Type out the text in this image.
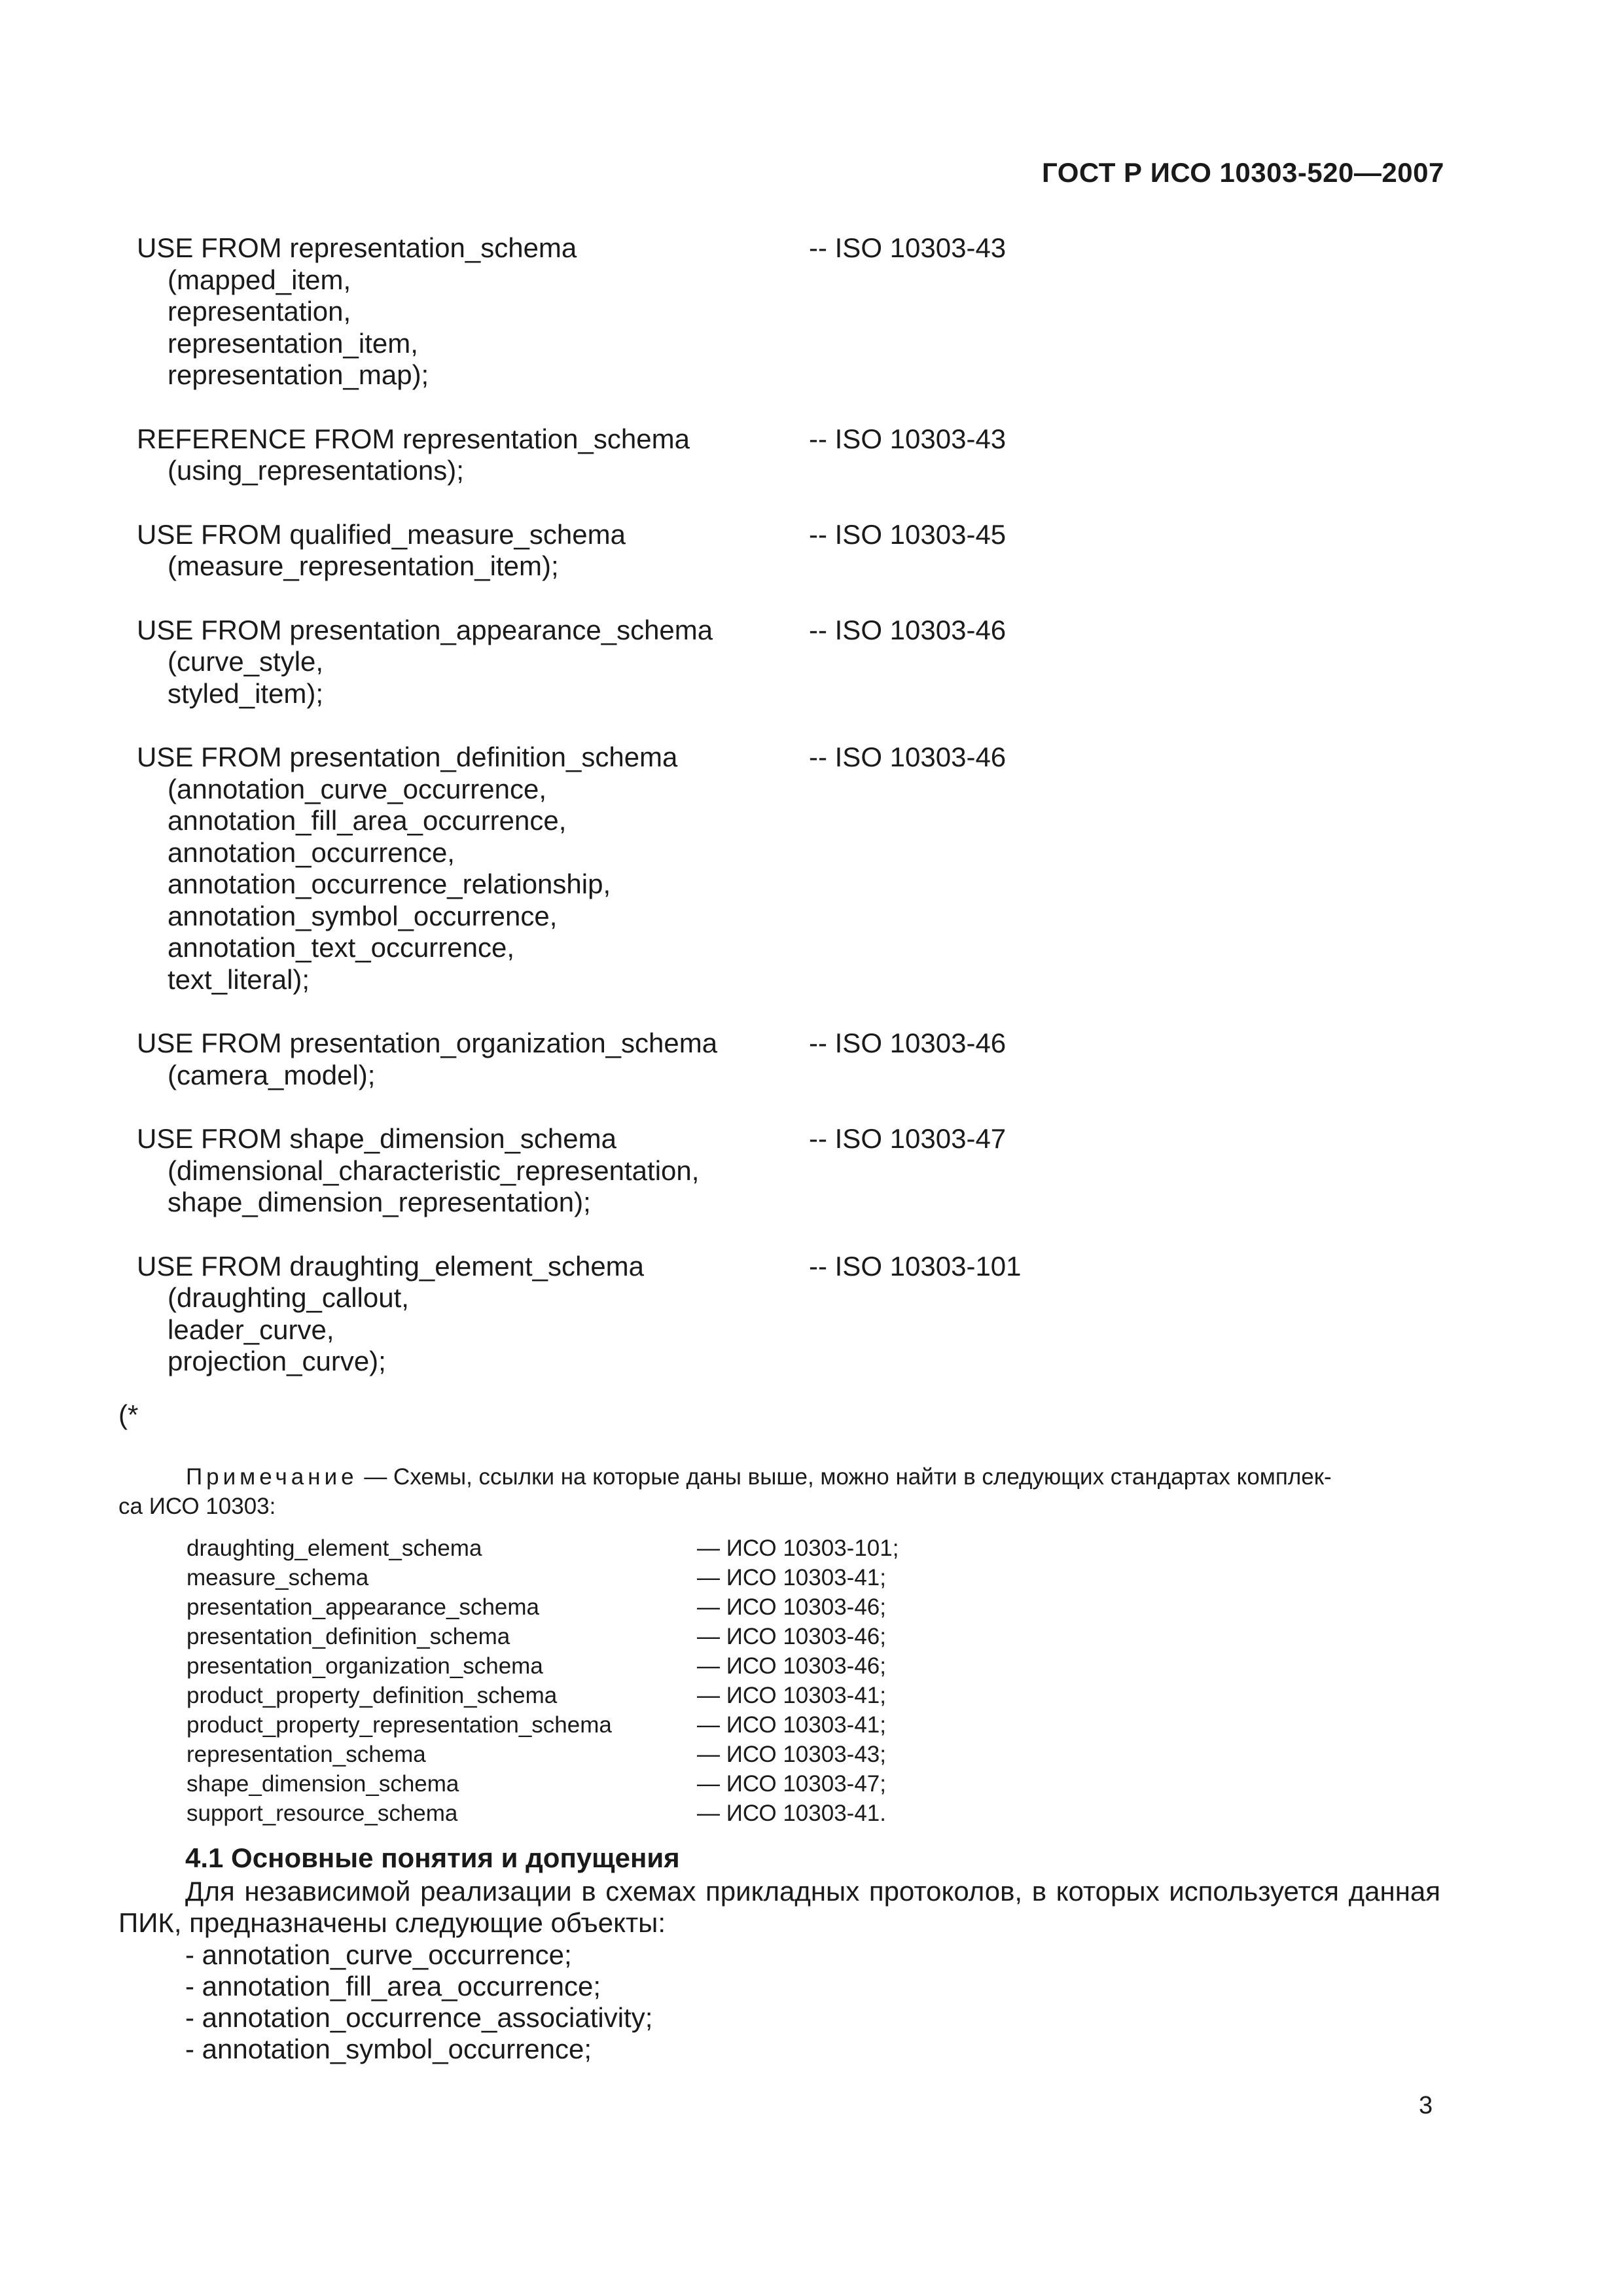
ГОСТ Р ИСО 10303-520—2007
USE FROM representation_schema	-- ISO 10303-43
(mapped_item,
representation,
representation_item,
representation_map);
REFERENCE FROM representation_schema	-- ISO 10303-43
(using_representations);
USE FROM qualified_measure_schema	-- ISO 10303-45
(measure_representation_item);
USE FROM presentation_appearance_schema	-- ISO 10303-46
(curve_style,
styled_item);
USE FROM presentation_definition_schema	-- ISO 10303-46
(annotation_curve_occurrence,
annotation_fill_area_occurrence,
annotation_occurrence,
annotation_occurrence_relationship,
annotation_symbol_occurrence,
annotation_text_occurrence,
text_literal);
USE FROM presentation_organization_schema	-- ISO 10303-46
(camera_model);
USE FROM shape_dimension_schema	-- ISO 10303-47
(dimensional_characteristic_representation,
shape_dimension_representation);
USE FROM draughting_element_schema	-- ISO 10303-101
(draughting_callout,
leader_curve,
projection_curve);
(*
Примечание — Схемы, ссылки на которые даны выше, можно найти в следующих стандартах комплек-
са ИСО 10303:
draughting_element_schema	— ИСО 10303-101;
measure_schema	— ИСО 10303-41;
presentation_appearance_schema	— ИСО 10303-46;
presentation_definition_schema	— ИСО 10303-46;
presentation_organization_schema	— ИСО 10303-46;
product_property_definition_schema	— ИСО 10303-41;
product_property_representation_schema	— ИСО 10303-41;
representation_schema	— ИСО 10303-43;
shape_dimension_schema	— ИСО 10303-47;
support_resource_schema	— ИСО 10303-41.
4.1 Основные понятия и допущения
Для независимой реализации в схемах прикладных протоколов, в которых используется данная ПИК, предназначены следующие объекты:
- annotation_curve_occurrence;
- annotation_fill_area_occurrence;
- annotation_occurrence_associativity;
- annotation_symbol_occurrence;
3
